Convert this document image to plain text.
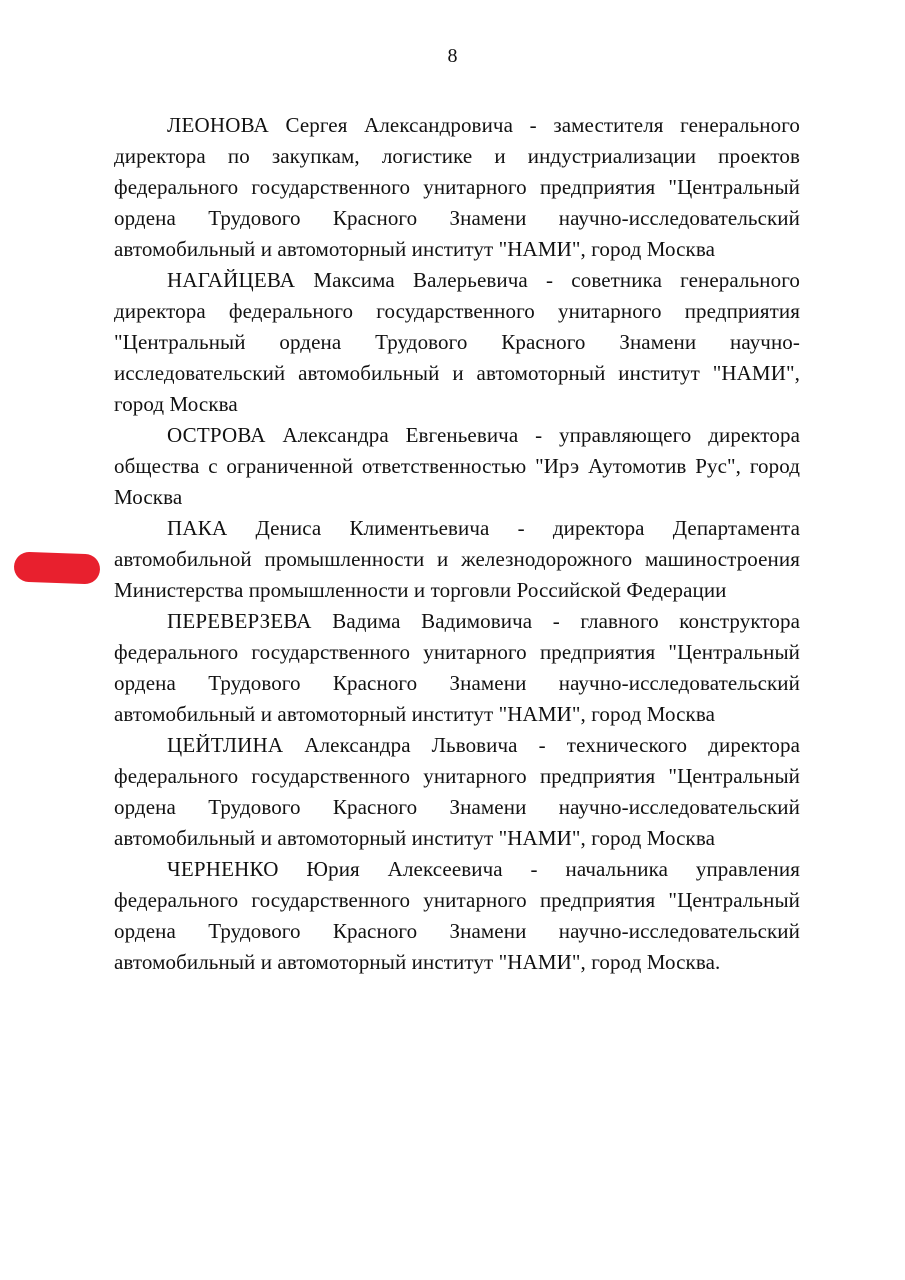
8

ЛЕОНОВА Сергея Александровича - заместителя генерального директора по закупкам, логистике и индустриализации проектов федерального государственного унитарного предприятия "Центральный ордена Трудового Красного Знамени научно-исследовательский автомобильный и автомоторный институт "НАМИ", город Москва

НАГАЙЦЕВА Максима Валерьевича - советника генерального директора федерального государственного унитарного предприятия "Центральный ордена Трудового Красного Знамени научно-исследовательский автомобильный и автомоторный институт "НАМИ", город Москва

ОСТРОВА Александра Евгеньевича - управляющего директора общества с ограниченной ответственностью "Ирэ Аутомотив Рус", город Москва

ПАКА Дениса Климентьевича - директора Департамента автомобильной промышленности и железнодорожного машиностроения Министерства промышленности и торговли Российской Федерации

ПЕРЕВЕРЗЕВА Вадима Вадимовича - главного конструктора федерального государственного унитарного предприятия "Центральный ордена Трудового Красного Знамени научно-исследовательский автомобильный и автомоторный институт "НАМИ", город Москва

ЦЕЙТЛИНА Александра Львовича - технического директора федерального государственного унитарного предприятия "Центральный ордена Трудового Красного Знамени научно-исследовательский автомобильный и автомоторный институт "НАМИ", город Москва

ЧЕРНЕНКО Юрия Алексеевича - начальника управления федерального государственного унитарного предприятия "Центральный ордена Трудового Красного Знамени научно-исследовательский автомобильный и автомоторный институт "НАМИ", город Москва.
